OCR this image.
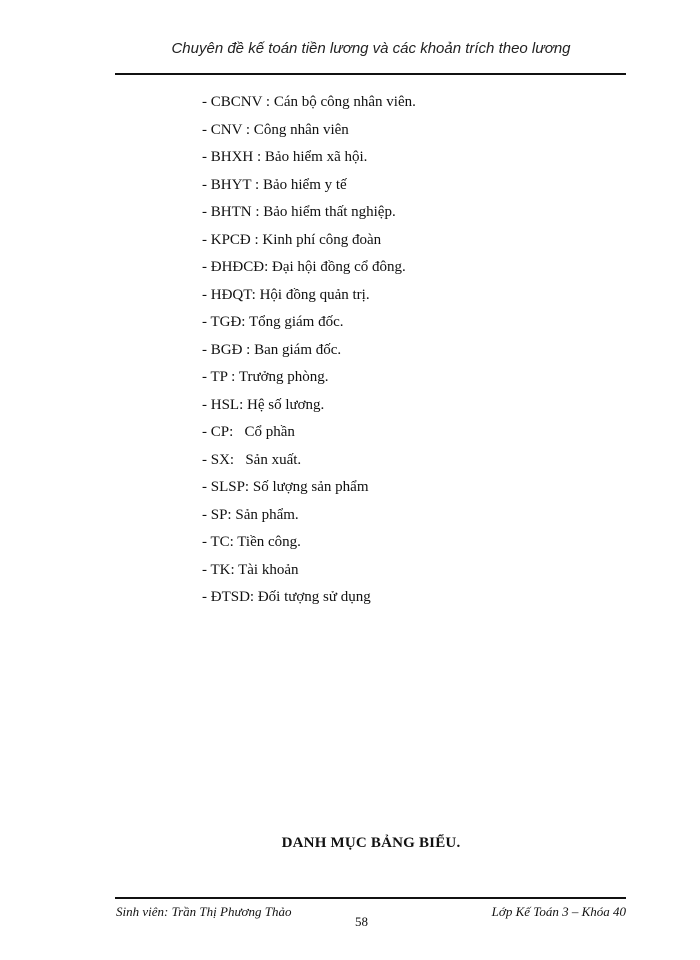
Chuyên đề kế toán tiền lương và các khoản trích theo lương
- CBCNV : Cán bộ công nhân viên.
- CNV : Công nhân viên
- BHXH : Bảo hiểm xã hội.
- BHYT : Bảo hiểm y tế
- BHTN : Bảo hiểm thất nghiệp.
- KPCĐ : Kinh phí công đoàn
- ĐHĐCĐ: Đại hội đồng cổ đông.
- HĐQT: Hội đồng quản trị.
- TGĐ: Tổng giám đốc.
- BGĐ : Ban giám đốc.
- TP : Trưởng phòng.
- HSL: Hệ số lương.
- CP:   Cổ phần
- SX:   Sản xuất.
- SLSP: Số lượng sản phẩm
- SP: Sản phẩm.
- TC: Tiền công.
- TK: Tài khoản
- ĐTSD: Đối tượng sử dụng
DANH MỤC BẢNG BIỂU.
Sinh viên: Trần Thị Phương Thảo
58
Lớp Kế Toán 3 – Khóa 40
